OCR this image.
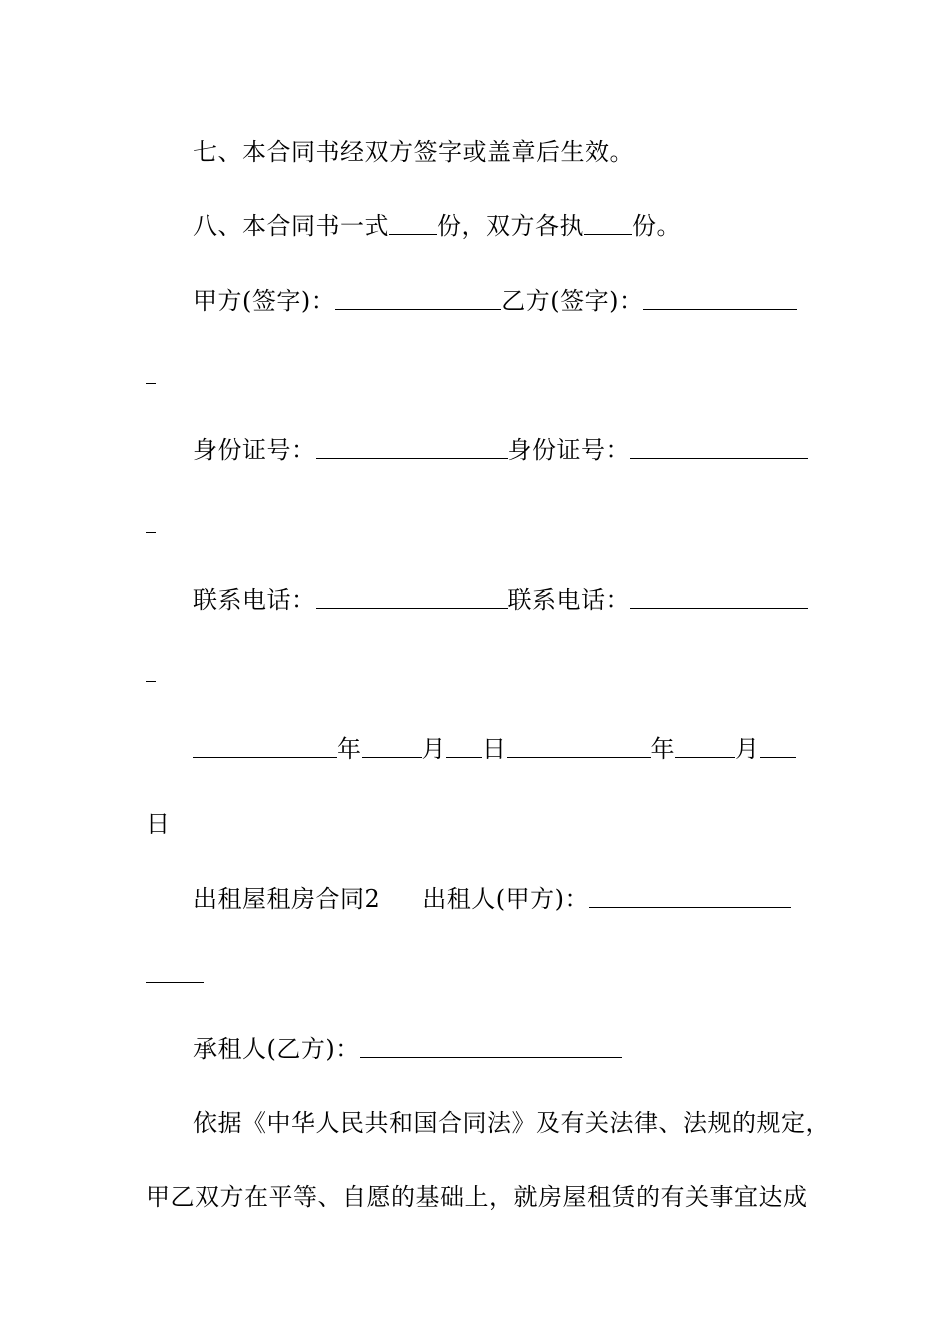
七、本合同书经双方签字或盖章后生效。
八、本合同书一式 份，双方各执 份。
甲方(签字)：	乙方(签字)：
身份证号：	身份证号：
联系电话：	联系电话：
年	月 日	年	月
日
出租屋租房合同2 出租人(甲方)：
承租人(乙方)：
依据《中华人民共和国合同法》及有关法律、法规的规定，
甲乙双方在平等、自愿的基础上，就房屋租赁的有关事宜达成
